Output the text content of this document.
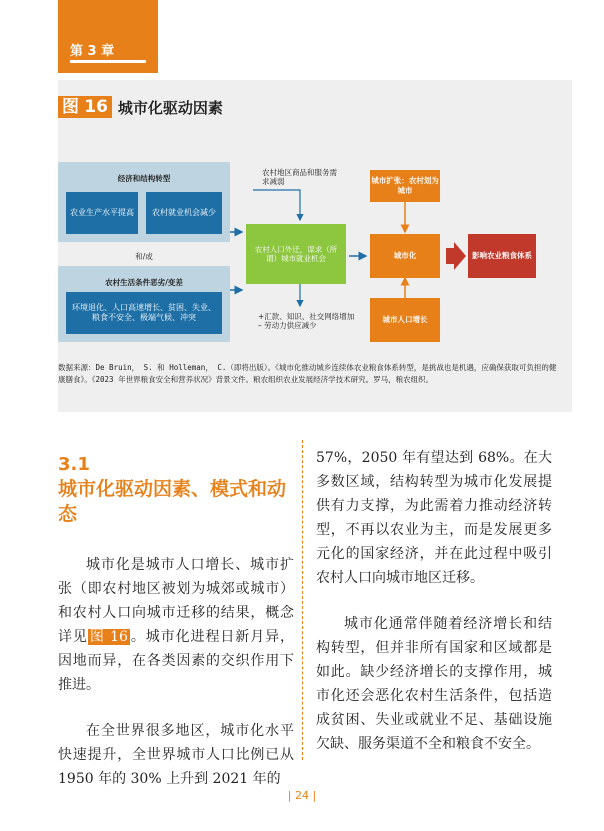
第 3 章
图 16 城市化驱动因素
经济和结构转型
农业生产水平提高	农村就业机会减少
和/或
农村生活条件恶劣/变差
环境退化、人口高速增长、贫困、失业、粮食不安全、极端气候、冲突
农村地区商品和服务需求减弱
农村人口外迁，谋求（所谓）城市就业机会
+汇款、知识、社交网络增加 – 劳动力供应减少
城市扩张：农村划为城市
城市化
城市人口增长
影响农业粮食体系
数据来源：De Bruin， S. 和 Holleman， C.（即将出版）。《城市化推动城乡连续体农业粮食体系转型，是挑战也是机遇，应确保获取可负担的健康膳食》。《2023 年世界粮食安全和营养状况》背景文件。粮农组织农业发展经济学技术研究。罗马，粮农组织。
3.1
城市化驱动因素、模式和动态

城市化是城市人口增长、城市扩张（即农村地区被划为城郊或城市）和农村人口向城市迁移的结果，概念详见 图 16 。城市化进程日新月异，因地而异，在各类因素的交织作用下推进。

在全世界很多地区，城市化水平快速提升，全世界城市人口比例已从 1950 年的 30% 上升到 2021 年的

57%，2050 年有望达到 68%。在大多数区域，结构转型为城市化发展提供有力支撑，为此需着力推动经济转型，不再以农业为主，而是发展更多元化的国家经济，并在此过程中吸引农村人口向城市地区迁移。

城市化通常伴随着经济增长和结构转型，但并非所有国家和区域都是如此。缺少经济增长的支撑作用，城市化还会恶化农村生活条件，包括造成贫困、失业或就业不足、基础设施欠缺、服务渠道不全和粮食不安全。

| 24 |
